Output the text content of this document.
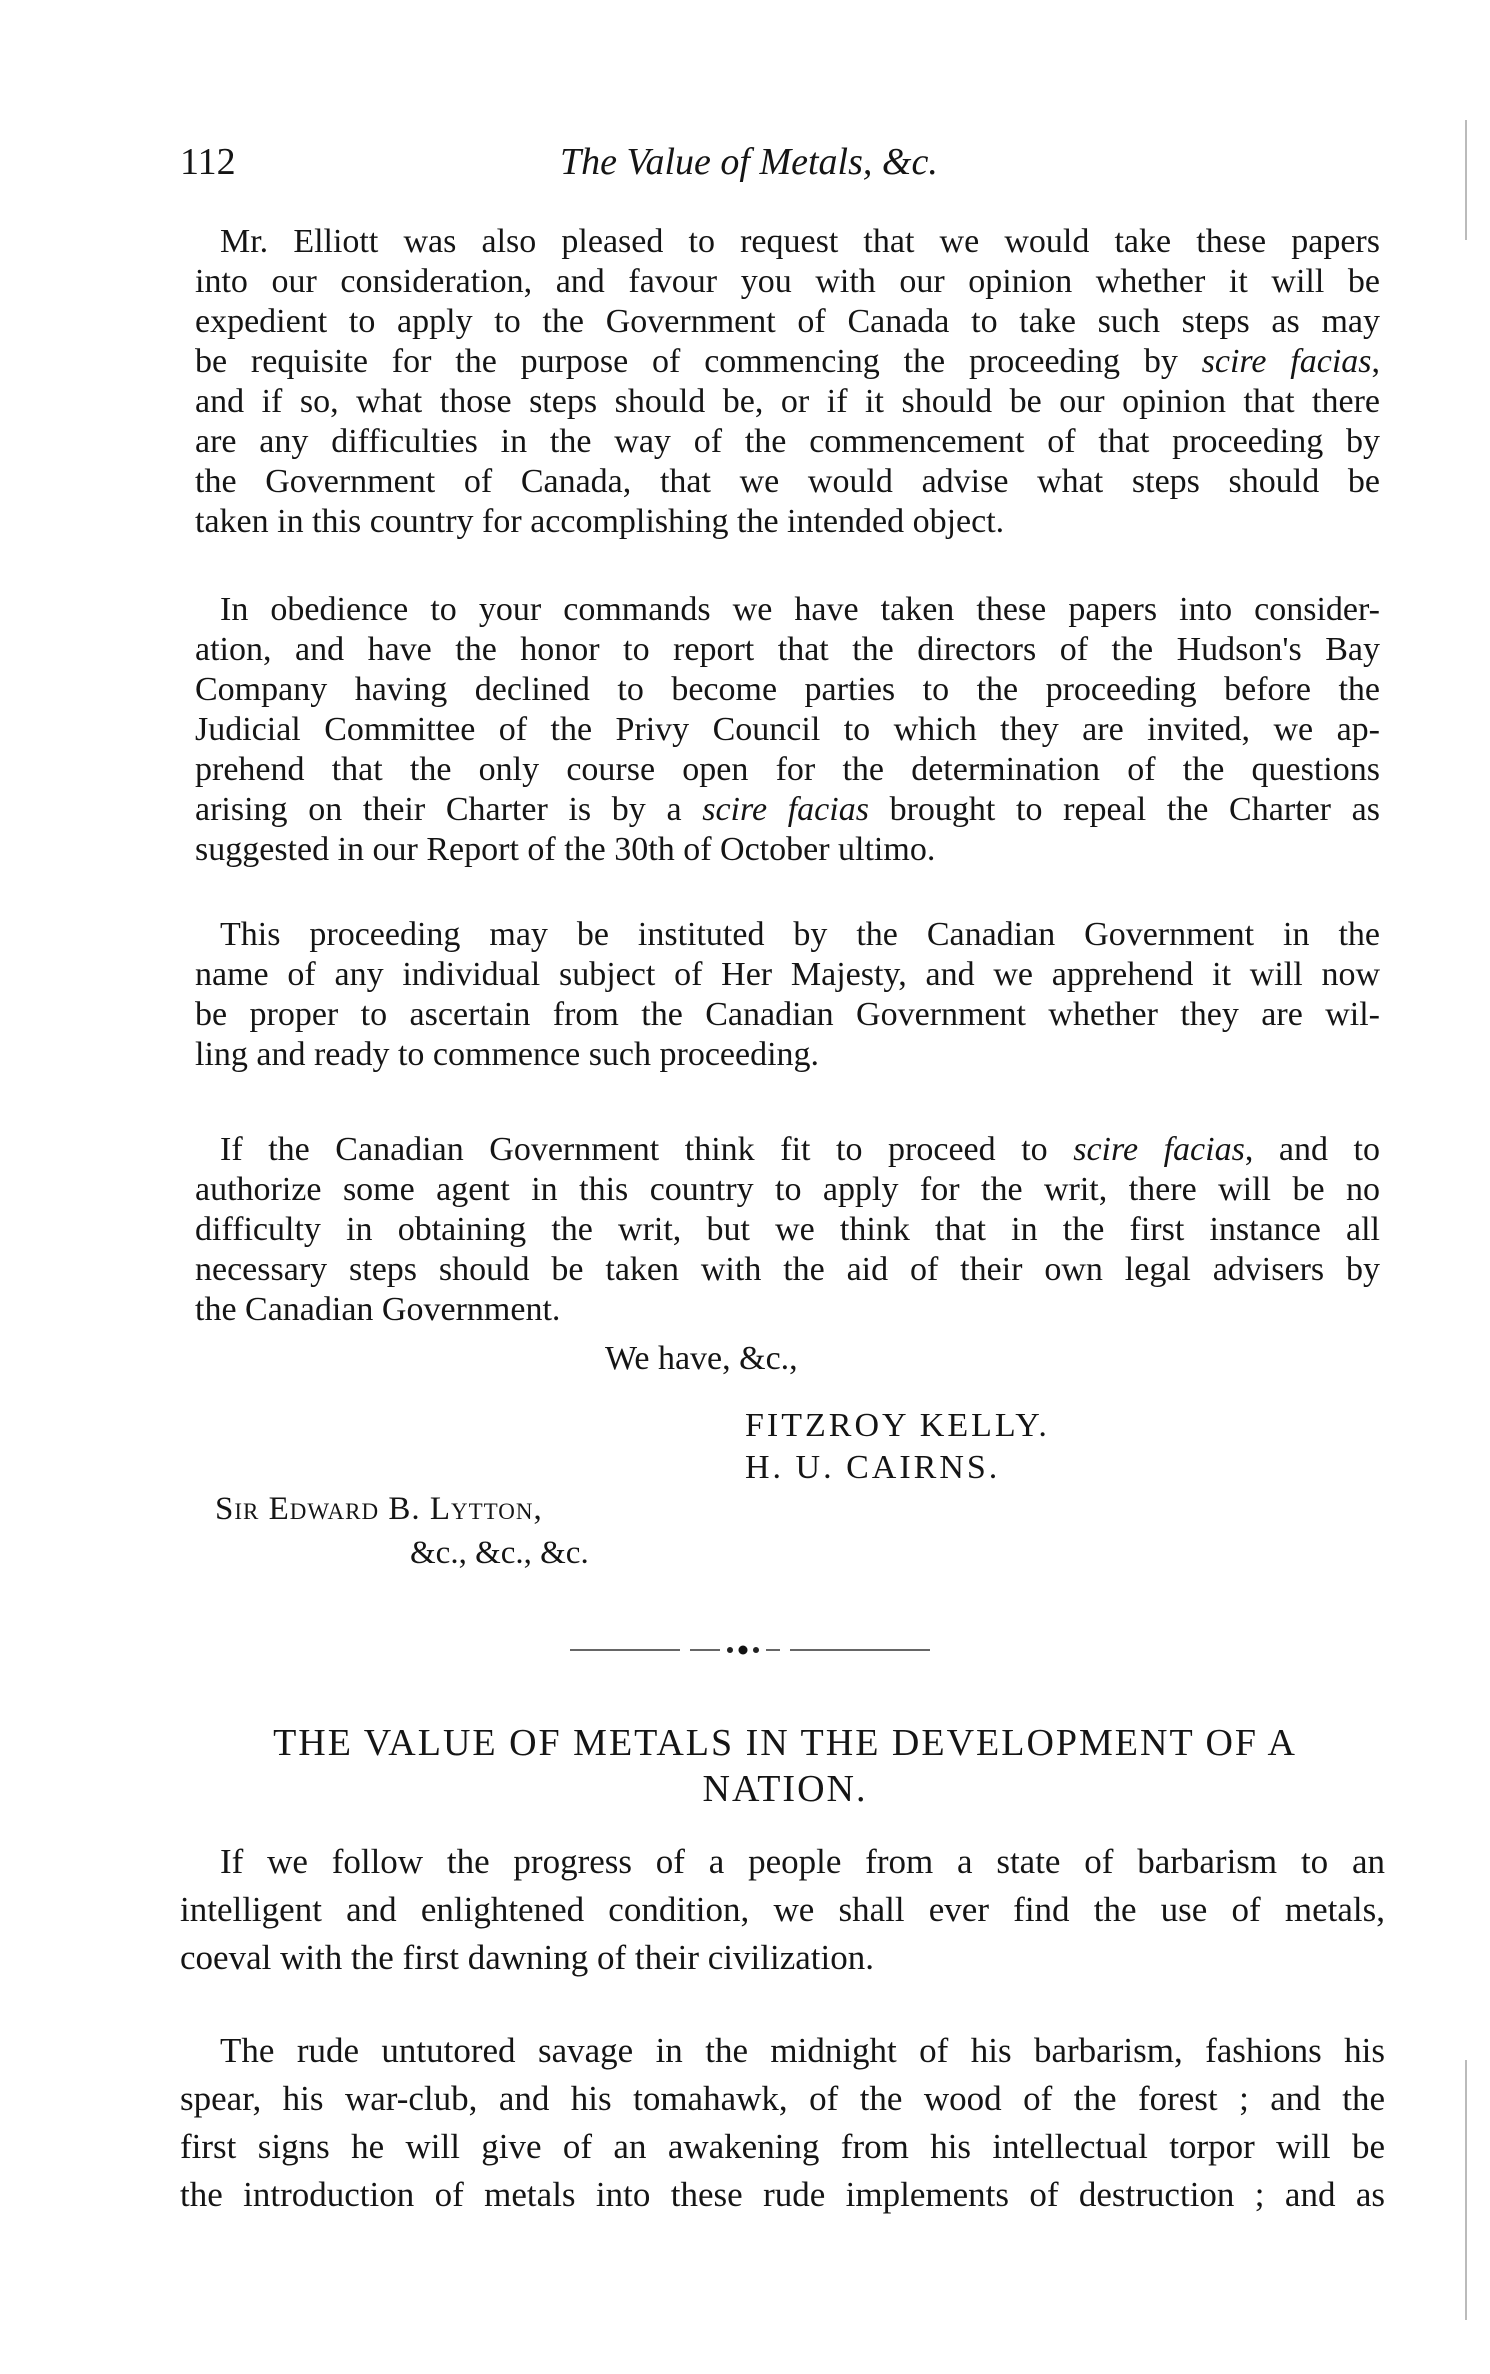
112	The Value of Metals, &c.
Mr. Elliott was also pleased to request that we would take these papers
into our consideration, and favour you with our opinion whether it will be
expedient to apply to the Government of Canada to take such steps as may
be requisite for the purpose of commencing the proceeding by scire facias,
and if so, what those steps should be, or if it should be our opinion that there
are any difficulties in the way of the commencement of that proceeding by
the Government of Canada, that we would advise what steps should be
taken in this country for accomplishing the intended object.
In obedience to your commands we have taken these papers into consider-
ation, and have the honor to report that the directors of the Hudson's Bay
Company having declined to become parties to the proceeding before the
Judicial Committee of the Privy Council to which they are invited, we ap-
prehend that the only course open for the determination of the questions
arising on their Charter is by a scire facias brought to repeal the Charter as
suggested in our Report of the 30th of October ultimo.
This proceeding may be instituted by the Canadian Government in the
name of any individual subject of Her Majesty, and we apprehend it will now
be proper to ascertain from the Canadian Government whether they are wil-
ling and ready to commence such proceeding.
If the Canadian Government think fit to proceed to scire facias, and to
authorize some agent in this country to apply for the writ, there will be no
difficulty in obtaining the writ, but we think that in the first instance all
necessary steps should be taken with the aid of their own legal advisers by
the Canadian Government.
We have, &c.,
FITZROY KELLY.
H. U. CAIRNS.
Sir Edward B. Lytton,
&c., &c., &c.
THE VALUE OF METALS IN THE DEVELOPMENT OF A
NATION.
If we follow the progress of a people from a state of barbarism to an
intelligent and enlightened condition, we shall ever find the use of metals,
coeval with the first dawning of their civilization.
The rude untutored savage in the midnight of his barbarism, fashions his
spear, his war-club, and his tomahawk, of the wood of the forest ; and the
first signs he will give of an awakening from his intellectual torpor will be
the introduction of metals into these rude implements of destruction ; and as
